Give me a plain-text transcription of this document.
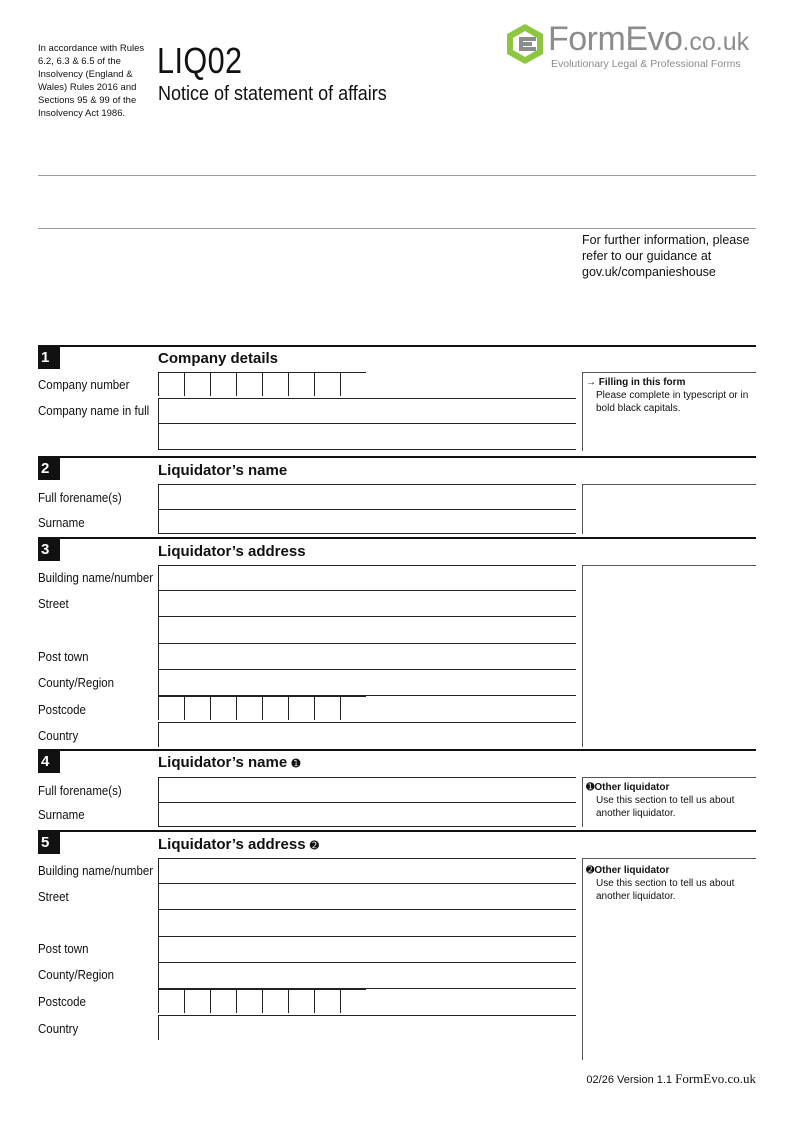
In accordance with Rules 6.2, 6.3 & 6.5 of the Insolvency (England & Wales) Rules 2016 and Sections 95 & 99 of the Insolvency Act 1986.
LIQ02
Notice of statement of affairs
FormEvo.co.uk
Evolutionary Legal & Professional Forms
For further information, please refer to our guidance at gov.uk/companieshouse
1	Company details
Company number
Company name in full
→ Filling in this form
Please complete in typescript or in bold black capitals.
2	Liquidator’s name
Full forename(s)
Surname
3	Liquidator’s address
Building name/number
Street
Post town
County/Region
Postcode
Country
4	Liquidator’s name ➊
Full forename(s)
Surname
➊Other liquidator
Use this section to tell us about another liquidator.
5	Liquidator’s address ➋
Building name/number
Street
Post town
County/Region
Postcode
Country
➋Other liquidator
Use this section to tell us about another liquidator.
02/26 Version 1.1 FormEvo.co.uk
